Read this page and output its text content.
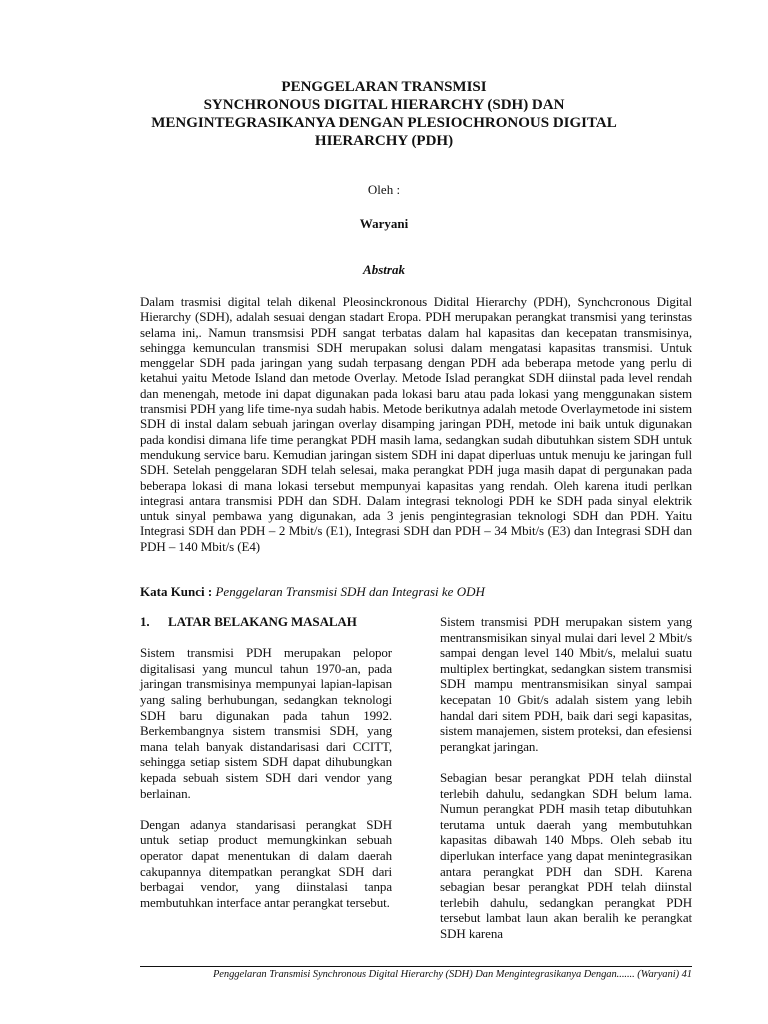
PENGGELARAN TRANSMISI
SYNCHRONOUS DIGITAL HIERARCHY (SDH) DAN
MENGINTEGRASIKANYA DENGAN PLESIOCHRONOUS DIGITAL
HIERARCHY (PDH)
Oleh :
Waryani
Abstrak
Dalam trasmisi digital telah dikenal Pleosinckronous Didital Hierarchy (PDH), Synchcronous Digital Hierarchy (SDH), adalah sesuai dengan stadart Eropa. PDH merupakan perangkat transmisi yang terinstas selama ini,. Namun transmsisi PDH sangat terbatas dalam hal kapasitas dan kecepatan transmisinya, sehingga kemunculan transmisi SDH merupakan solusi dalam mengatasi kapasitas transmisi. Untuk menggelar SDH pada jaringan yang sudah terpasang dengan PDH ada beberapa metode yang perlu di ketahui yaitu Metode Island dan metode Overlay. Metode Islad perangkat SDH diinstal pada level rendah dan menengah, metode ini dapat digunakan pada lokasi baru atau pada lokasi yang menggunakan sistem transmisi PDH yang life time-nya sudah habis. Metode berikutnya adalah metode Overlaymetode ini sistem SDH di instal dalam sebuah jaringan overlay disamping jaringan PDH, metode ini baik untuk digunakan pada kondisi dimana life time perangkat PDH masih lama, sedangkan sudah dibutuhkan sistem SDH untuk mendukung service baru. Kemudian jaringan sistem SDH ini dapat diperluas untuk menuju ke jaringan full SDH. Setelah penggelaran SDH telah selesai, maka perangkat PDH juga masih dapat di pergunakan pada beberapa lokasi di mana lokasi tersebut mempunyai kapasitas yang rendah. Oleh karena itudi perlkan integrasi antara transmisi PDH dan SDH. Dalam integrasi teknologi PDH ke SDH pada sinyal elektrik untuk sinyal pembawa yang digunakan, ada 3 jenis pengintegrasian teknologi SDH dan PDH. Yaitu Integrasi SDH dan PDH – 2 Mbit/s (E1), Integrasi SDH dan PDH – 34 Mbit/s (E3) dan Integrasi SDH dan PDH – 140 Mbit/s (E4)
Kata Kunci : Penggelaran Transmisi SDH dan Integrasi ke ODH
1. LATAR BELAKANG MASALAH

Sistem transmisi PDH merupakan pelopor digitalisasi yang muncul tahun 1970-an, pada jaringan transmisinya mempunyai lapian-lapisan yang saling berhubungan, sedangkan teknologi SDH baru digunakan pada tahun 1992. Berkembangnya sistem transmisi SDH, yang mana telah banyak distandarisasi dari CCITT, sehingga setiap sistem SDH dapat dihubungkan kepada sebuah sistem SDH dari vendor yang berlainan.

Dengan adanya standarisasi perangkat SDH untuk setiap product memungkinkan sebuah operator dapat menentukan di dalam daerah cakupannya ditempatkan perangkat SDH dari berbagai vendor, yang diinstalasi tanpa membutuhkan interface antar perangkat tersebut.

Sistem transmisi PDH merupakan sistem yang mentransmisikan sinyal mulai dari level 2 Mbit/s sampai dengan level 140 Mbit/s, melalui suatu multiplex bertingkat, sedangkan sistem transmisi SDH mampu mentransmisikan sinyal sampai kecepatan 10 Gbit/s adalah sistem yang lebih handal dari sitem PDH, baik dari segi kapasitas, sistem manajemen, sistem proteksi, dan efesiensi perangkat jaringan.

Sebagian besar perangkat PDH telah diinstal terlebih dahulu, sedangkan SDH belum lama. Numun perangkat PDH masih tetap dibutuhkan terutama untuk daerah yang membutuhkan kapasitas dibawah 140 Mbps. Oleh sebab itu diperlukan interface yang dapat menintegrasikan antara perangkat PDH dan SDH. Karena sebagian besar perangkat PDH telah diinstal terlebih dahulu, sedangkan perangkat PDH tersebut lambat laun akan beralih ke perangkat SDH karena

Penggelaran Transmisi Synchronous Digital Hierarchy (SDH) Dan Mengintegrasikanya Dengan....... (Waryani) 41
